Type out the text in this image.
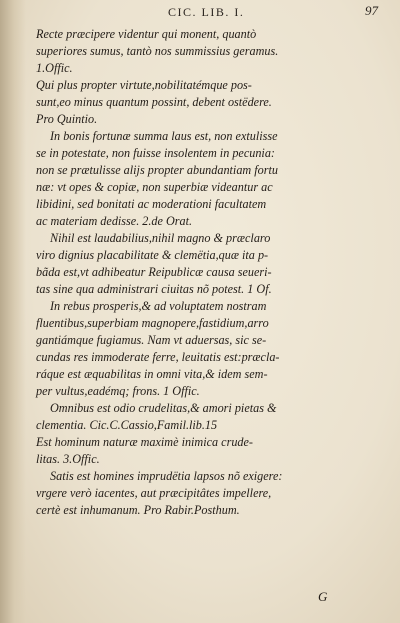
CIC. LIB. I.	97
Recte præcipere videntur qui monent, quantò
superiores sumus, tantò nos summissius geramus.
1.Offic.
Qui plus propter virtute,nobilitatémque pos-
sunt,eo minus quantum possint, debent ostëdere.
Pro Quintio.
In bonis fortunæ summa laus est, non extulisse
se in potestate, non fuisse insolentem in pecunia:
non se prætulisse alijs propter abundantiam fortu
næ: vt opes & copiæ, non superbiæ videantur ac
libidini, sed bonitati ac moderationi facultatem
ac materiam dedisse. 2.de Orat.
Nihil est laudabilius,nihil magno & præclaro
viro dignius placabilitate & clemëtia,quæ ita p-
bãda est,vt adhibeatur Reipublicæ causa seueri-
tas sine qua administrari ciuitas nõ potest. 1 Of.
In rebus prosperis,& ad voluptatem nostram
fluentibus,superbiam magnopere,fastidium,arro
gantiámque fugiamus. Nam vt aduersas, sic se-
cundas res immoderate ferre, leuitatis est:præcla-
ráque est æquabilitas in omni vita,& idem sem-
per vultus,eadémq; frons. 1 Offic.
Omnibus est odio crudelitas,& amori pietas &
clementia. Cic.C.Cassio,Famil.lib.15
Est hominum naturæ maximè inimica crude-
litas. 3.Offic.
Satis est homines imprudëtia lapsos nõ exigere:
vrgere verò iacentes, aut præcipitâtes impellere,
certè est inhumanum. Pro Rabir.Posthum.
G
